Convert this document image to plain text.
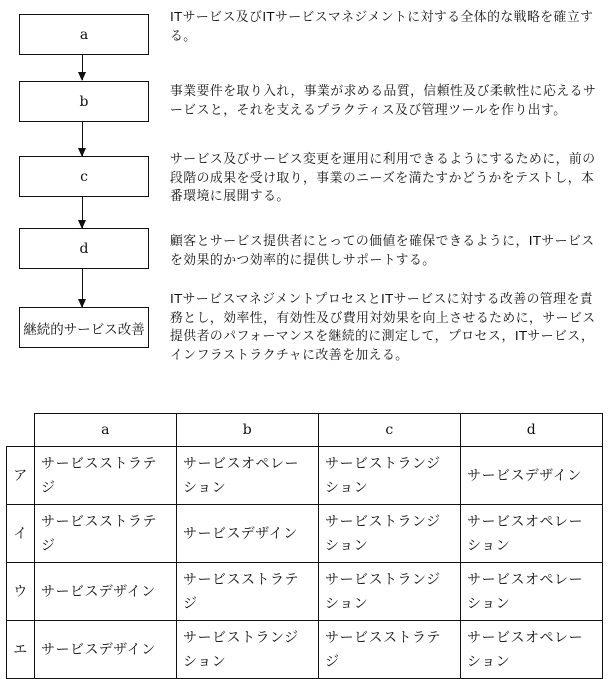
a
b
c
d
継続的サービス改善
ITサービス及びITサービスマネジメントに対する全体的な戦略を確立する。
事業要件を取り入れ，事業が求める品質，信頼性及び柔軟性に応えるサービスと，それを支えるプラクティス及び管理ツールを作り出す。
サービス及びサービス変更を運用に利用できるようにするために，前の段階の成果を受け取り，事業のニーズを満たすかどうかをテストし，本番環境に展開する。
顧客とサービス提供者にとっての価値を確保できるように，ITサービスを効果的かつ効率的に提供しサポートする。
ITサービスマネジメントプロセスとITサービスに対する改善の管理を責務とし，効率性，有効性及び費用対効果を向上させるために，サービス提供者のパフォーマンスを継続的に測定して，プロセス，ITサービス，インフラストラクチャに改善を加える。
	a	b	c	d
ア	サービスストラテジ	サービスオペレーション	サービストランジション	サービスデザイン
イ	サービスストラテジ	サービスデザイン	サービストランジション	サービスオペレーション
ウ	サービスデザイン	サービスストラテジ	サービストランジション	サービスオペレーション
エ	サービスデザイン	サービストランジション	サービスストラテジ	サービスオペレーション
